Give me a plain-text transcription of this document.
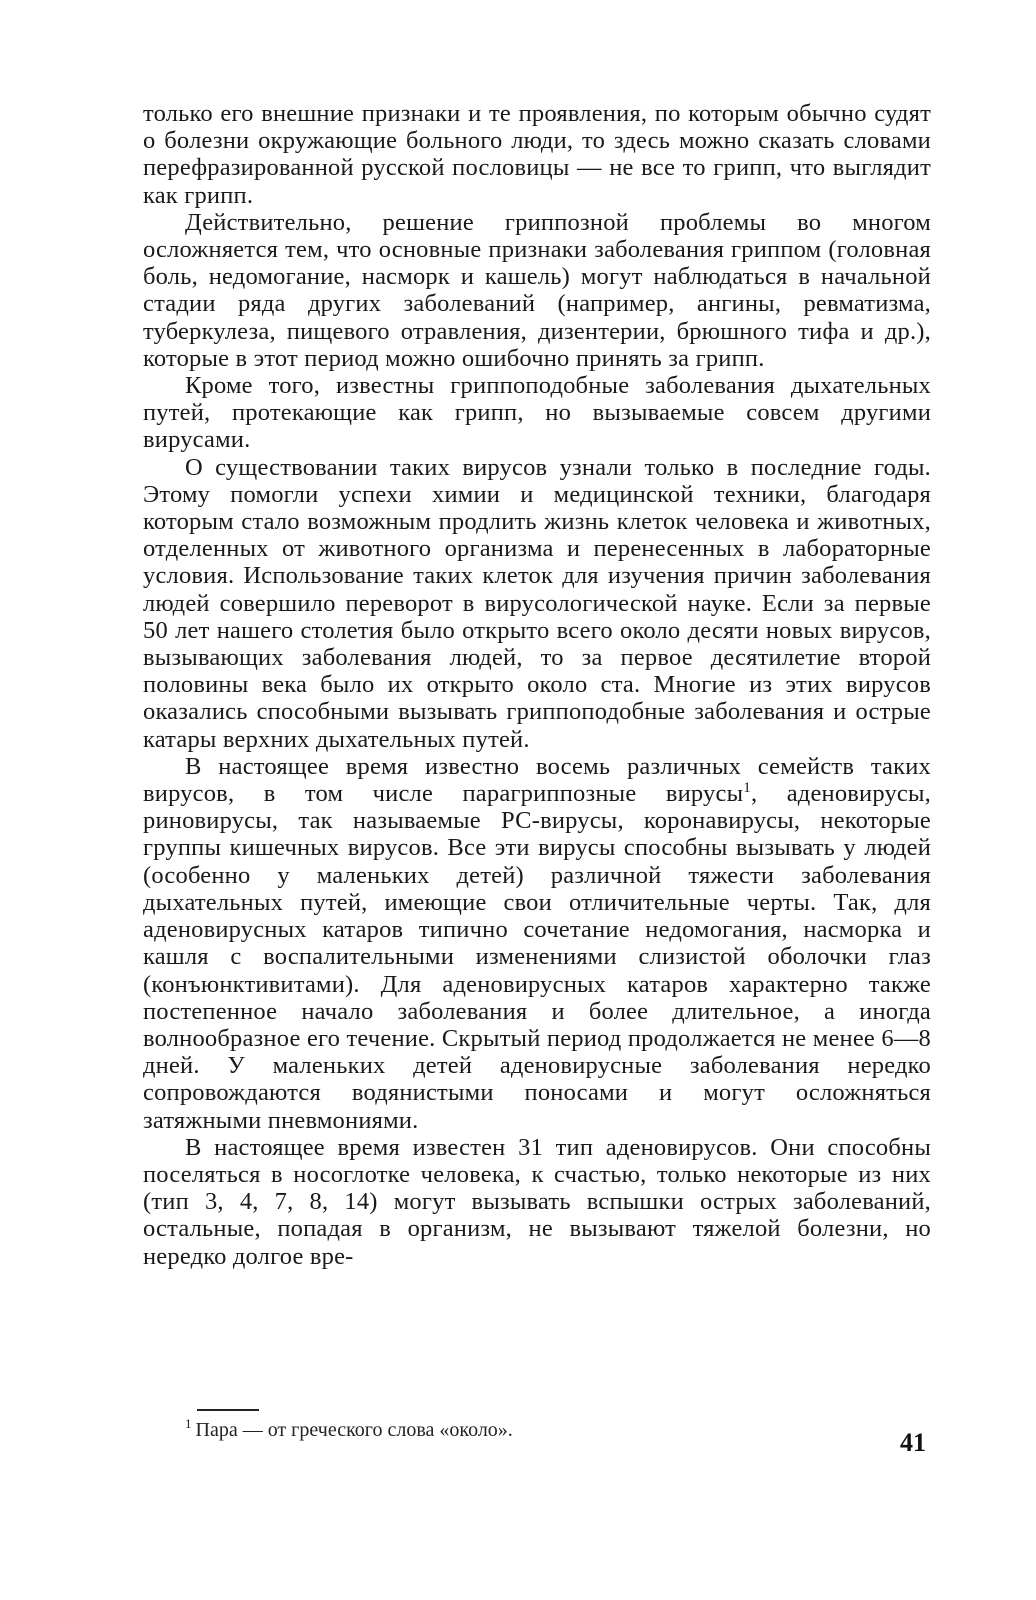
только его внешние признаки и те проявления, по которым обычно судят о болезни окружающие больного люди, то здесь можно сказать словами перефразированной русской пословицы — не все то грипп, что выглядит как грипп.

Действительно, решение гриппозной проблемы во многом осложняется тем, что основные признаки заболевания гриппом (головная боль, недомогание, насморк и кашель) могут наблюдаться в начальной стадии ряда других заболеваний (например, ангины, ревматизма, туберкулеза, пищевого отравления, дизентерии, брюшного тифа и др.), которые в этот период можно ошибочно принять за грипп.

Кроме того, известны гриппоподобные заболевания дыхательных путей, протекающие как грипп, но вызываемые совсем другими вирусами.

О существовании таких вирусов узнали только в последние годы. Этому помогли успехи химии и медицинской техники, благодаря которым стало возможным продлить жизнь клеток человека и животных, отделенных от животного организма и перенесенных в лабораторные условия. Использование таких клеток для изучения причин заболевания людей совершило переворот в вирусологической науке. Если за первые 50 лет нашего столетия было открыто всего около десяти новых вирусов, вызывающих заболевания людей, то за первое десятилетие второй половины века было их открыто около ста. Многие из этих вирусов оказались способными вызывать гриппоподобные заболевания и острые катары верхних дыхательных путей.

В настоящее время известно восемь различных семейств таких вирусов, в том числе парагриппозные вирусы$^1$, аденовирусы, риновирусы, так называемые РС-вирусы, коронавирусы, некоторые группы кишечных вирусов. Все эти вирусы способны вызывать у людей (особенно у маленьких детей) различной тяжести заболевания дыхательных путей, имеющие свои отличительные черты. Так, для аденовирусных катаров типично сочетание недомогания, насморка и кашля с воспалительными изменениями слизистой оболочки глаз (конъюнктивитами). Для аденовирусных катаров характерно также постепенное начало заболевания и более длительное, а иногда волнообразное его течение. Скрытый период продолжается не менее 6—8 дней. У маленьких детей аденовирусные заболевания нередко сопровождаются водянистыми поносами и могут осложняться затяжными пневмониями.

В настоящее время известен 31 тип аденовирусов. Они способны поселяться в носоглотке человека, к счастью, только некоторые из них (тип 3, 4, 7, 8, 14) могут вызывать вспышки острых заболеваний, остальные, попадая в организм, не вызывают тяжелой болезни, но нередко долгое вре-

$^1$ Пара — от греческого слова «около».	41
